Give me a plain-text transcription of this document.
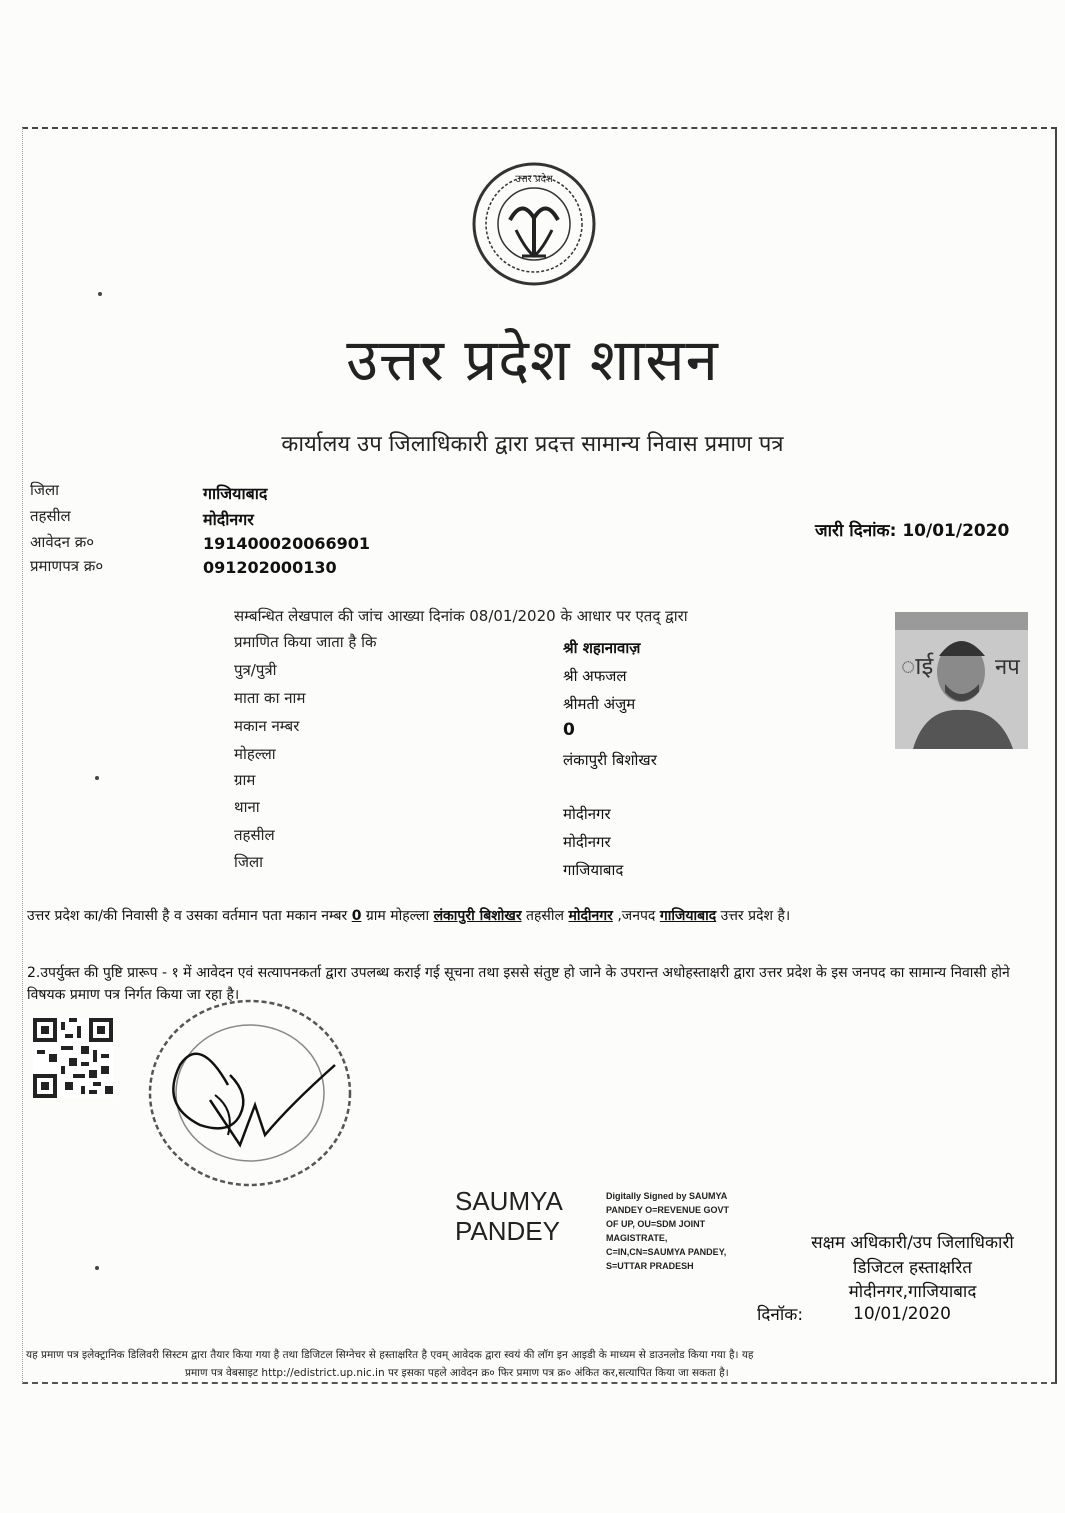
उत्तर प्रदेश
उत्तर प्रदेश शासन
कार्यालय उप जिलाधिकारी द्वारा प्रदत्त सामान्य निवास प्रमाण पत्र
जिला	गाजियाबाद
तहसील	मोदीनगर
आवेदन क्र०	191400020066901
प्रमाणपत्र क्र०	091202000130
जारी दिनांक: 10/01/2020
सम्बन्धित लेखपाल की जांच आख्या दिनांक 08/01/2020 के आधार पर एतद् द्वारा
प्रमाणित किया जाता है कि	श्री शहानावाज़
पुत्र/पुत्री	श्री अफजल
माता का नाम	श्रीमती अंजुम
मकान नम्बर	0
मोहल्ला	लंकापुरी बिशोखर
ग्राम
थाना	मोदीनगर
तहसील	मोदीनगर
जिला	गाजियाबाद
ाई	नप
उत्तर प्रदेश का/की निवासी है व उसका वर्तमान पता मकान नम्बर 0 ग्राम मोहल्ला लंकापुरी बिशोखर तहसील मोदीनगर ,जनपद गाजियाबाद उत्तर प्रदेश है।
2.उपर्युक्त की पुष्टि प्रारूप - १ में आवेदन एवं सत्यापनकर्ता द्वारा उपलब्ध कराई गई सूचना तथा इससे संतुष्ट हो जाने के उपरान्त अधोहस्ताक्षरी द्वारा उत्तर प्रदेश के इस जनपद का सामान्य निवासी होने विषयक प्रमाण पत्र निर्गत किया जा रहा है।
SAUMYA
PANDEY
Digitally Signed by SAUMYA
PANDEY O=REVENUE GOVT
OF UP, OU=SDM JOINT
MAGISTRATE,
C=IN,CN=SAUMYA PANDEY,
S=UTTAR PRADESH
सक्षम अधिकारी/उप जिलाधिकारी
डिजिटल हस्ताक्षरित
मोदीनगर,गाजियाबाद
दिनॉक:	10/01/2020
यह प्रमाण पत्र इलेक्ट्रानिक डिलिवरी सिस्टम द्वारा तैयार किया गया है तथा डिजिटल सिग्नेचर से हस्ताक्षरित है एवम् आवेदक द्वारा स्वयं की लॉग इन आइडी के माध्यम से डाउनलोड किया गया है। यह
प्रमाण पत्र वेबसाइट http://edistrict.up.nic.in पर इसका पहले आवेदन क्र० फिर प्रमाण पत्र क्र० अंकित कर,सत्यापित किया जा सकता है।
